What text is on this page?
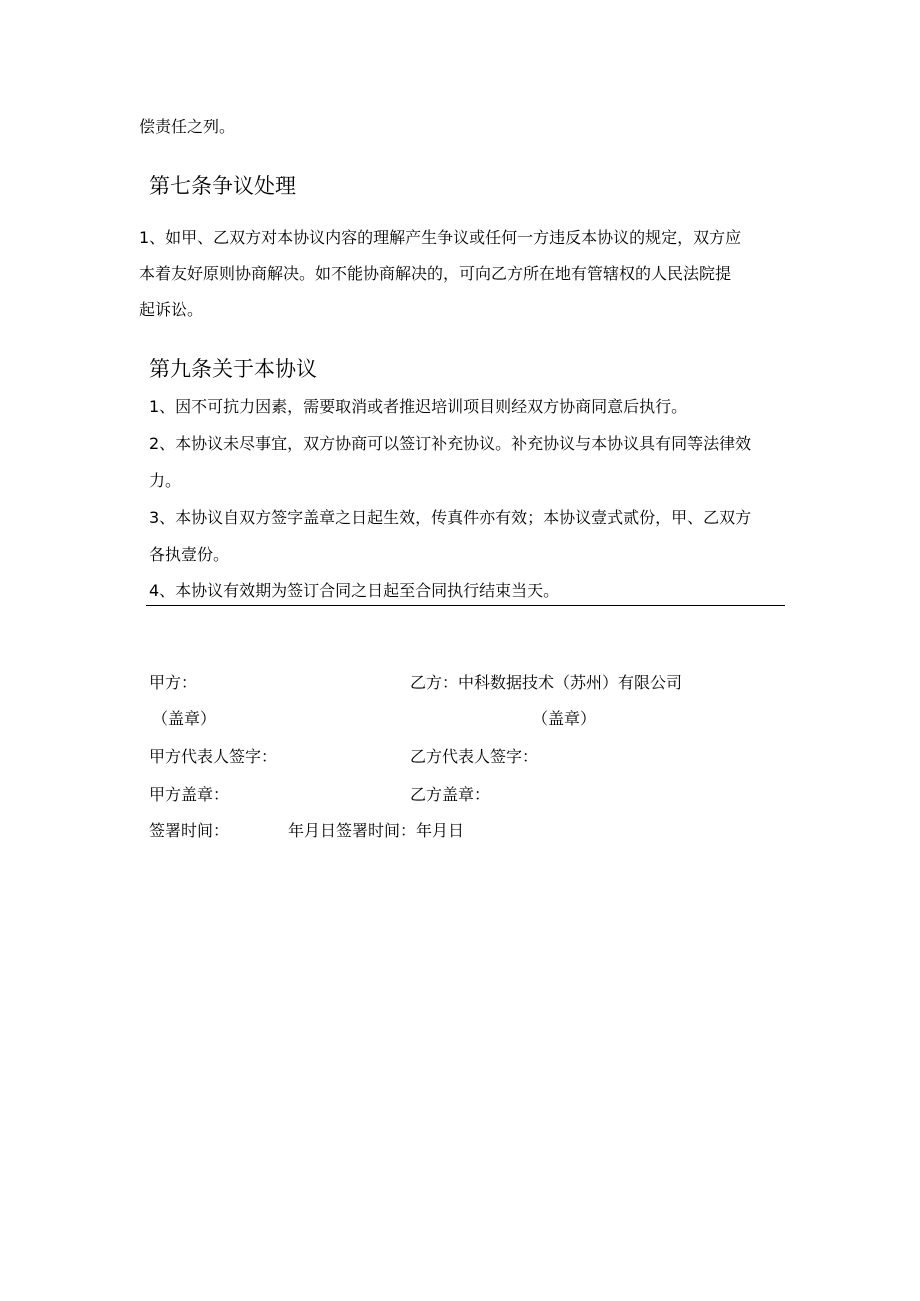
偿责任之列。
第七条争议处理
1、如甲、乙双方对本协议内容的理解产生争议或任何一方违反本协议的规定，双方应
本着友好原则协商解决。如不能协商解决的，可向乙方所在地有管辖权的人民法院提
起诉讼。
第九条关于本协议
1、因不可抗力因素，需要取消或者推迟培训项目则经双方协商同意后执行。
2、本协议未尽事宜，双方协商可以签订补充协议。补充协议与本协议具有同等法律效
力。
3、本协议自双方签字盖章之日起生效，传真件亦有效；本协议壹式贰份，甲、乙双方
各执壹份。
4、本协议有效期为签订合同之日起至合同执行结束当天。
甲方：	乙方：中科数据技术（苏州）有限公司
（盖章）	（盖章）
甲方代表人签字：	乙方代表人签字：
甲方盖章：	乙方盖章：
签署时间：	年月日签署时间：年月日
